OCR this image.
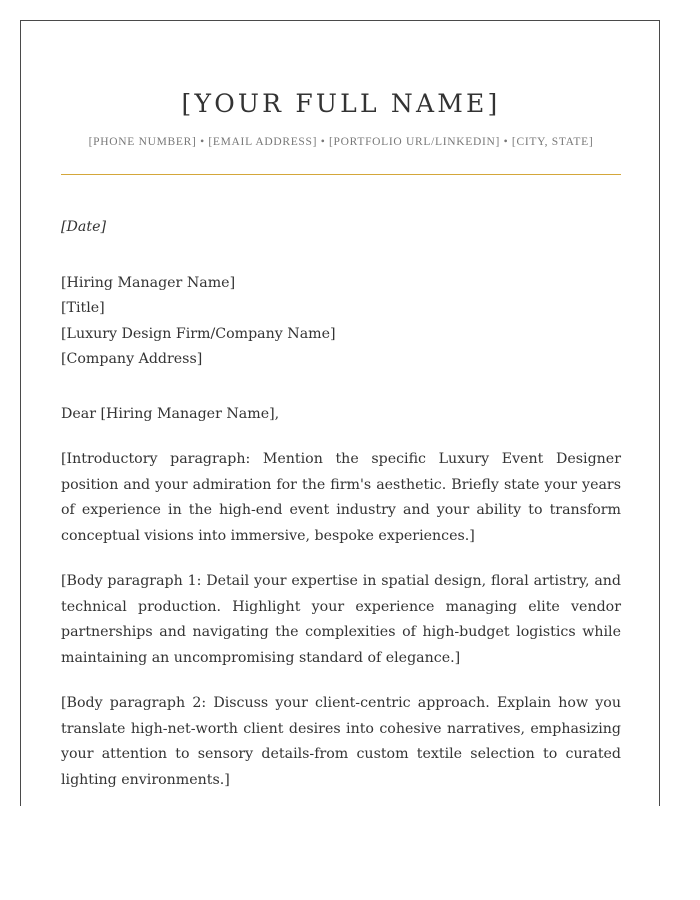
[YOUR FULL NAME]
[PHONE NUMBER] • [EMAIL ADDRESS] • [PORTFOLIO URL/LINKEDIN] • [CITY, STATE]
[Date]
[Hiring Manager Name]
[Title]
[Luxury Design Firm/Company Name]
[Company Address]
Dear [Hiring Manager Name],
[Introductory paragraph: Mention the specific Luxury Event Designer position and your admiration for the firm's aesthetic. Briefly state your years of experience in the high-end event industry and your ability to transform conceptual visions into immersive, bespoke experiences.]
[Body paragraph 1: Detail your expertise in spatial design, floral artistry, and technical production. Highlight your experience managing elite vendor partnerships and navigating the complexities of high-budget logistics while maintaining an uncompromising standard of elegance.]
[Body paragraph 2: Discuss your client-centric approach. Explain how you translate high-net-worth client desires into cohesive narratives, emphasizing your attention to sensory details-from custom textile selection to curated lighting environments.]
